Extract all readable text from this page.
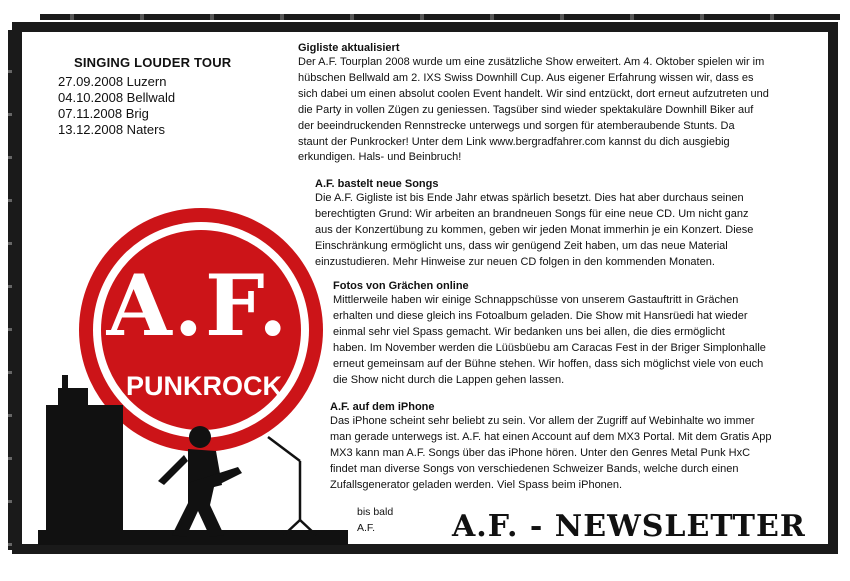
SINGING LOUDER TOUR
27.09.2008 Luzern
04.10.2008 Bellwald
07.11.2008 Brig
13.12.2008 Naters
A.F.
PUNKROCK
Gigliste aktualisiert

Der A.F. Tourplan 2008 wurde um eine zusätzliche Show erweitert. Am 4. Oktober spielen wir im

hübschen Bellwald am 2. IXS Swiss Downhill Cup. Aus eigener Erfahrung wissen wir, dass es

sich dabei um einen absolut coolen Event handelt. Wir sind entzückt, dort erneut aufzutreten und

die Party in vollen Zügen zu geniessen. Tagsüber sind wieder spektakuläre Downhill Biker auf

der beeindruckenden Rennstrecke unterwegs und sorgen für atemberaubende Stunts. Da

staunt der Punkrocker! Unter dem Link www.bergradfahrer.com kannst du dich ausgiebig

erkundigen. Hals- und Beinbruch!

A.F. bastelt neue Songs

Die A.F. Gigliste ist bis Ende Jahr etwas spärlich besetzt. Dies hat aber durchaus seinen

berechtigten Grund: Wir arbeiten an brandneuen Songs für eine neue CD. Um nicht ganz

aus der Konzertübung zu kommen, geben wir jeden Monat immerhin je ein Konzert. Diese

Einschränkung ermöglicht uns, dass wir genügend Zeit haben, um das neue Material

einzustudieren. Mehr Hinweise zur neuen CD folgen in den kommenden Monaten.

Fotos von Grächen online

Mittlerweile haben wir einige Schnappschüsse von unserem Gastauftritt in Grächen

erhalten und diese gleich ins Fotoalbum geladen. Die Show mit Hansrüedi hat wieder

einmal sehr viel Spass gemacht. Wir bedanken uns bei allen, die dies ermöglicht

haben. Im November werden die Lüüsbüebu am Caracas Fest in der Briger Simplonhalle

erneut gemeinsam auf der Bühne stehen. Wir hoffen, dass sich möglichst viele von euch

die Show nicht durch die Lappen gehen lassen.

A.F. auf dem iPhone

Das iPhone scheint sehr beliebt zu sein. Vor allem der Zugriff auf Webinhalte wo immer

man gerade unterwegs ist. A.F. hat einen Account auf dem MX3 Portal. Mit dem Gratis App

MX3 kann man A.F. Songs über das iPhone hören. Unter den Genres Metal Punk HxC

findet man diverse Songs von verschiedenen Schweizer Bands, welche durch einen

Zufallsgenerator geladen werden. Viel Spass beim iPhonen.

bis bald
A.F.	A.F. - NEWSLETTER
